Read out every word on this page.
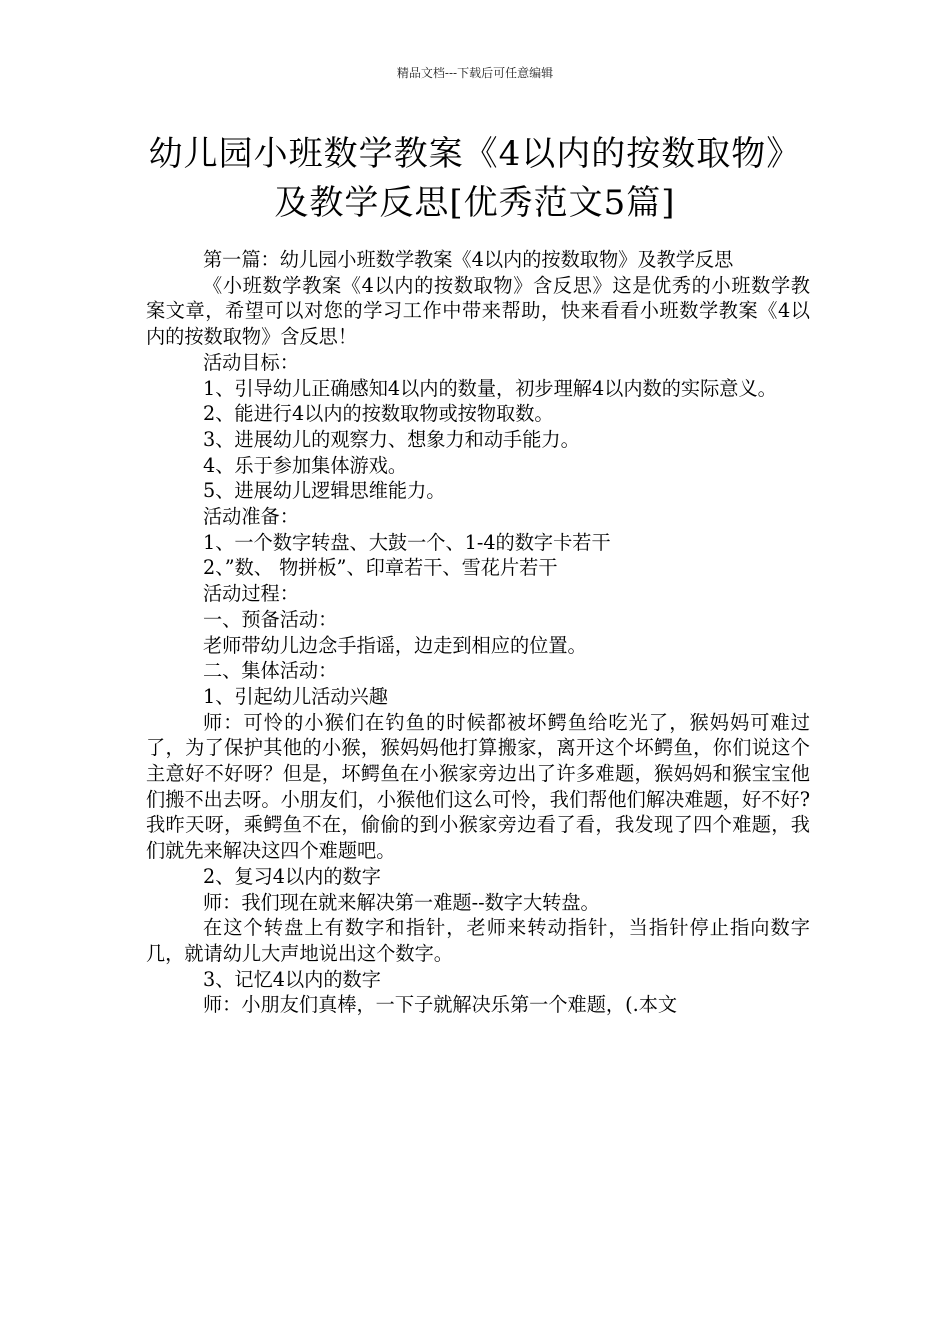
精品文档---下载后可任意编辑
幼儿园小班数学教案《4以内的按数取物》
及教学反思[优秀范文5篇]

第一篇：幼儿园小班数学教案《4以内的按数取物》及教学反思

《小班数学教案《4以内的按数取物》含反思》这是优秀的小班数学教案文章，希望可以对您的学习工作中带来帮助，快来看看小班数学教案《4以内的按数取物》含反思！

活动目标：

1、引导幼儿正确感知4以内的数量，初步理解4以内数的实际意义。

2、能进行4以内的按数取物或按物取数。

3、进展幼儿的观察力、想象力和动手能力。

4、乐于参加集体游戏。

5、进展幼儿逻辑思维能力。

活动准备：

1、一个数字转盘、大鼓一个、1-4的数字卡若干

2、”数、 物拼板”、印章若干、雪花片若干

活动过程：

一、预备活动：

老师带幼儿边念手指谣，边走到相应的位置。

二、集体活动：

1、引起幼儿活动兴趣

师：可怜的小猴们在钓鱼的时候都被坏鳄鱼给吃光了，猴妈妈可难过了，为了保护其他的小猴，猴妈妈他打算搬家，离开这个坏鳄鱼，你们说这个主意好不好呀？但是，坏鳄鱼在小猴家旁边出了许多难题，猴妈妈和猴宝宝他们搬不出去呀。小朋友们，小猴他们这么可怜，我们帮他们解决难题，好不好?我昨天呀，乘鳄鱼不在，偷偷的到小猴家旁边看了看，我发现了四个难题，我们就先来解决这四个难题吧。

2、复习4以内的数字

师：我们现在就来解决第一难题--数字大转盘。

在这个转盘上有数字和指针，老师来转动指针，当指针停止指向数字几，就请幼儿大声地说出这个数字。

3、记忆4以内的数字

师：小朋友们真棒，一下子就解决乐第一个难题，(.本文
